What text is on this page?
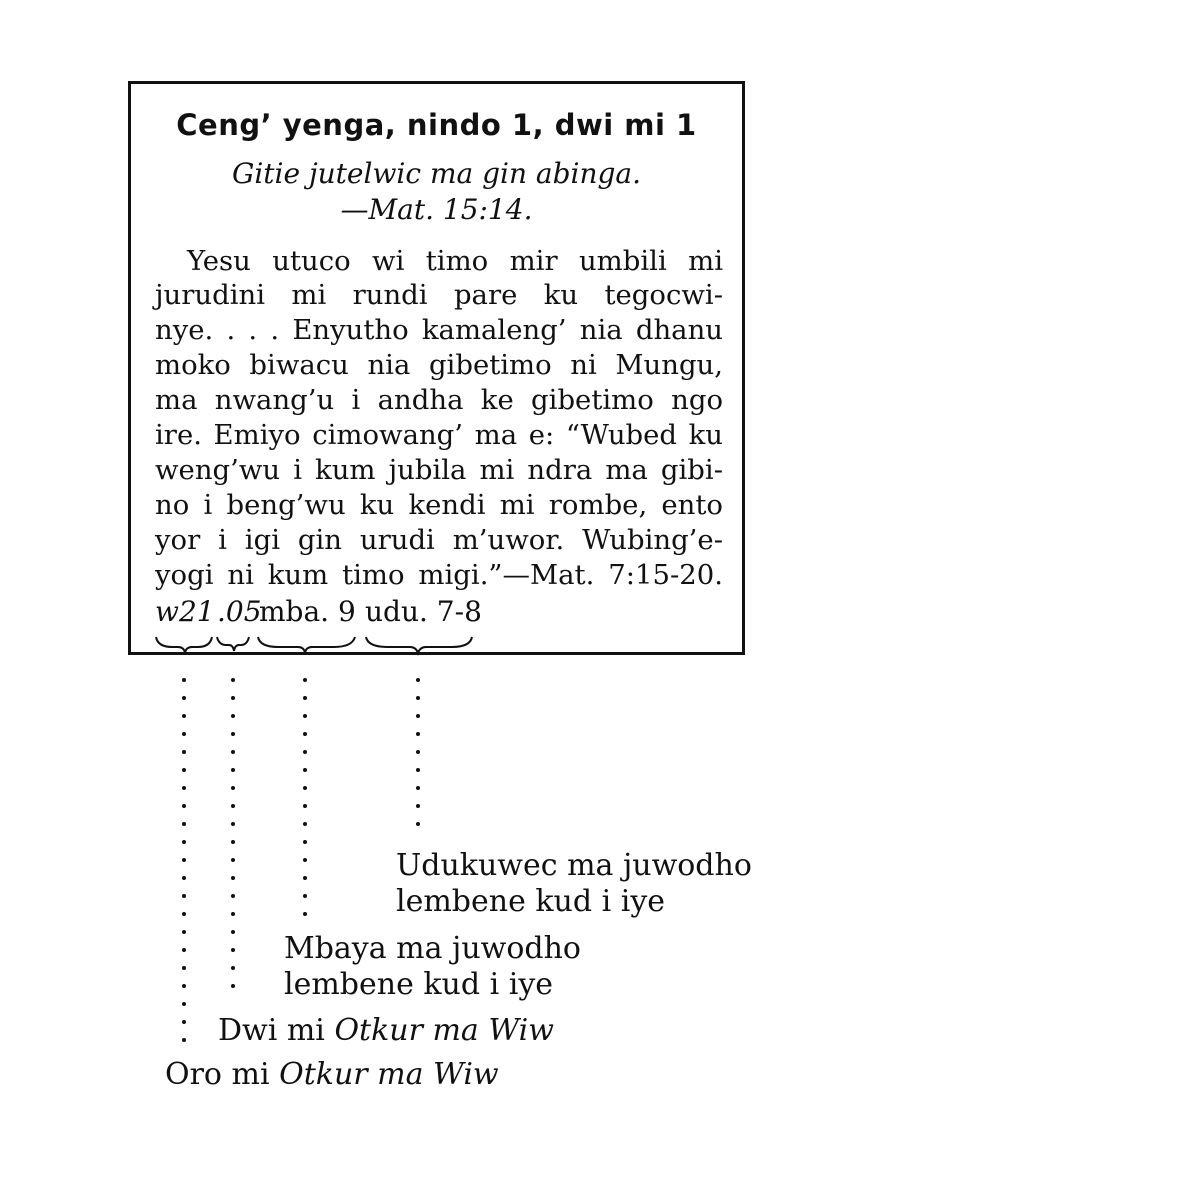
Ceng’ yenga, nindo 1, dwi mi 1
Gitie jutelwic ma gin abinga.
—Mat. 15:14.
Yesu utuco wi timo mir umbili mi
jurudini mi rundi pare ku tegocwi-
nye. . . . Enyutho kamaleng’ nia dhanu
moko biwacu nia gibetimo ni Mungu,
ma nwang’u i andha ke gibetimo ngo
ire. Emiyo cimowang’ ma e: “Wubed ku
weng’wu i kum jubila mi ndra ma gibi-
no i beng’wu ku kendi mi rombe, ento
yor i igi gin urudi m’uwor. Wubing’e-
yogi ni kum timo migi.”—Mat. 7:15-20.
w21 .05
mba. 9 udu. 7-8
Udukuwec ma juwodho
lembene kud i iye
Mbaya ma juwodho
lembene kud i iye
Dwi mi Otkur ma Wiw
Oro mi Otkur ma Wiw
